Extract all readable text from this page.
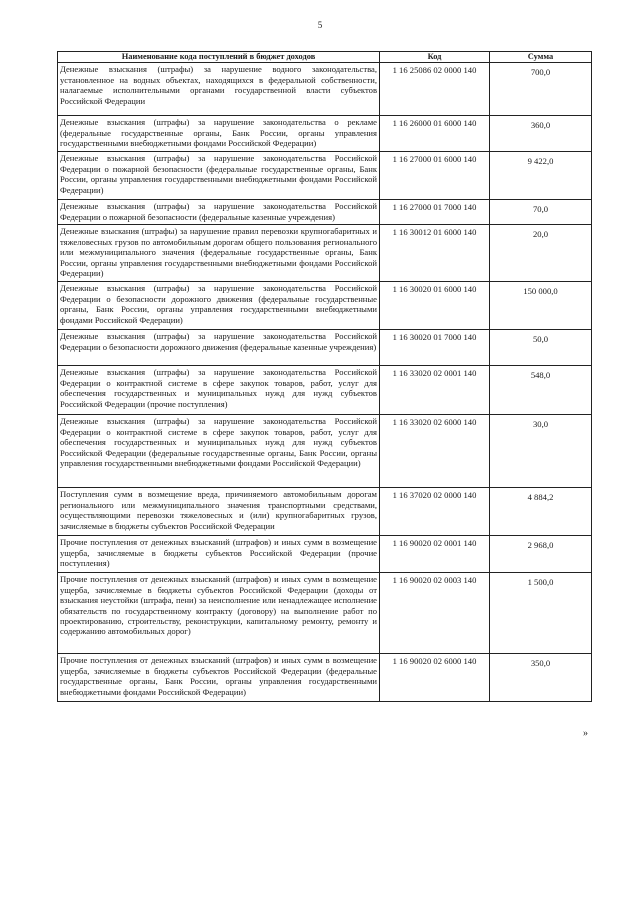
5
Наименование кода поступлений в бюджет доходов	Код	Сумма
Денежные взыскания (штрафы) за нарушение водного законодательства, установленное на водных объектах, находящихся в федеральной собственности, налагаемые исполнительными органами государственной власти субъектов Российской Федерации	1 16 25086 02 0000 140	700,0
Денежные взыскания (штрафы) за нарушение законодательства о рекламе (федеральные государственные органы, Банк России, органы управления государственными внебюджетными фондами Российской Федерации)	1 16 26000 01 6000 140	360,0
Денежные взыскания (штрафы) за нарушение законодательства Российской Федерации о пожарной безопасности (федеральные государственные органы, Банк России, органы управления государственными внебюджетными фондами Российской Федерации)	1 16 27000 01 6000 140	9 422,0
Денежные взыскания (штрафы) за нарушение законодательства Российской Федерации о пожарной безопасности (федеральные казенные учреждения)	1 16 27000 01 7000 140	70,0
Денежные взыскания (штрафы) за нарушение правил перевозки крупногабаритных и тяжеловесных грузов по автомобильным дорогам общего пользования регионального или межмуниципального значения (федеральные государственные органы, Банк России, органы управления государственными внебюджетными фондами Российской Федерации)	1 16 30012 01 6000 140	20,0
Денежные взыскания (штрафы) за нарушение законодательства Российской Федерации о безопасности дорожного движения (федеральные государственные органы, Банк России, органы управления государственными внебюджетными фондами Российской Федерации)	1 16 30020 01 6000 140	150 000,0
Денежные взыскания (штрафы) за нарушение законодательства Российской Федерации о безопасности дорожного движения (федеральные казенные учреждения)	1 16 30020 01 7000 140	50,0
Денежные взыскания (штрафы) за нарушение законодательства Российской Федерации о контрактной системе в сфере закупок товаров, работ, услуг для обеспечения государственных и муниципальных нужд для нужд субъектов Российской Федерации (прочие поступления)	1 16 33020 02 0001 140	548,0
Денежные взыскания (штрафы) за нарушение законодательства Российской Федерации о контрактной системе в сфере закупок товаров, работ, услуг для обеспечения государственных и муниципальных нужд для нужд субъектов Российской Федерации (федеральные государственные органы, Банк России, органы управления государственными внебюджетными фондами Российской Федерации)	1 16 33020 02 6000 140	30,0
Поступления сумм в возмещение вреда, причиняемого автомобильным дорогам регионального или межмуниципального значения транспортными средствами, осуществляющими перевозки тяжеловесных и (или) крупногабаритных грузов, зачисляемые в бюджеты субъектов Российской Федерации	1 16 37020 02 0000 140	4 884,2
Прочие поступления от денежных взысканий (штрафов) и иных сумм в возмещение ущерба, зачисляемые в бюджеты субъектов Российской Федерации (прочие поступления)	1 16 90020 02 0001 140	2 968,0
Прочие поступления от денежных взысканий (штрафов) и иных сумм в возмещение ущерба, зачисляемые в бюджеты субъектов Российской Федерации (доходы от взыскания неустойки (штрафа, пени) за неисполнение или ненадлежащее исполнение обязательств по государственному контракту (договору) на выполнение работ по проектированию, строительству, реконструкции, капитальному ремонту, ремонту и содержанию автомобильных дорог)	1 16 90020 02 0003 140	1 500,0
Прочие поступления от денежных взысканий (штрафов) и иных сумм в возмещение ущерба, зачисляемые в бюджеты субъектов Российской Федерации (федеральные государственные органы, Банк России, органы управления государственными внебюджетными фондами Российской Федерации)	1 16 90020 02 6000 140	350,0
»
